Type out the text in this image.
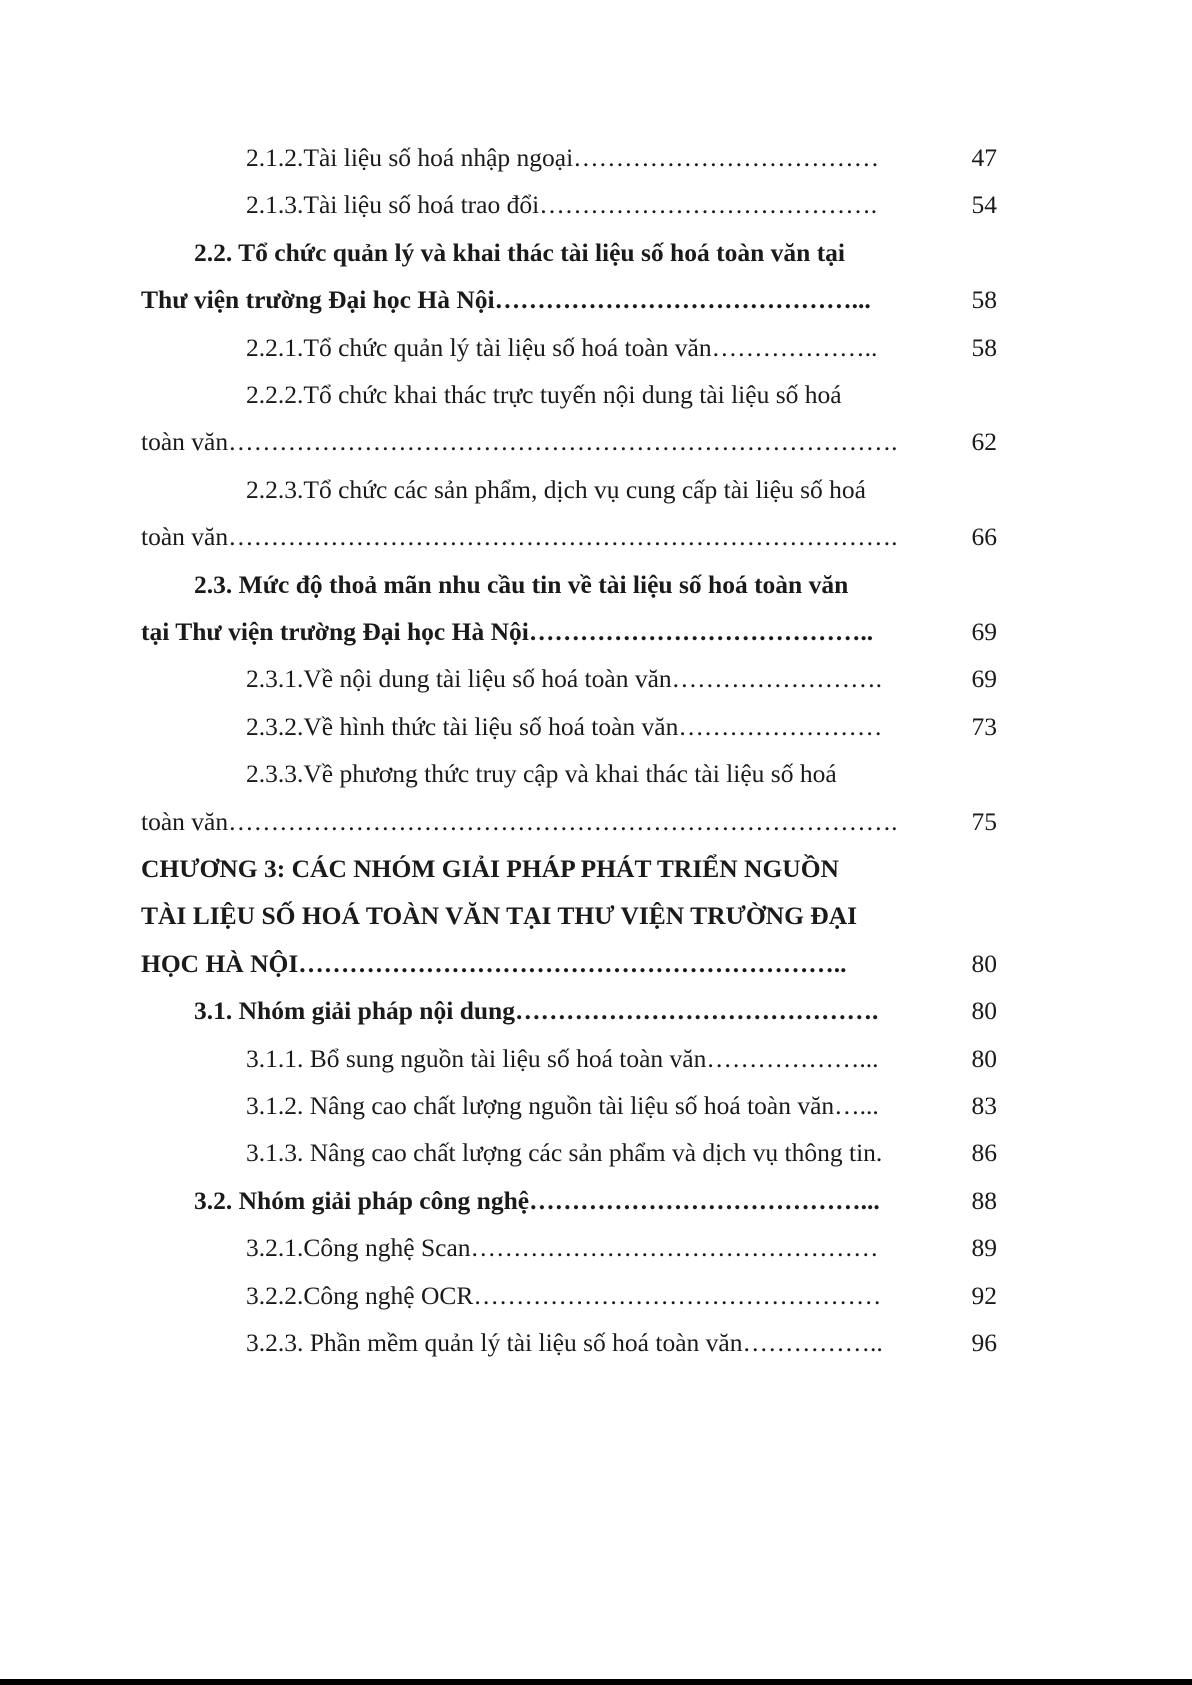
2.1.2.Tài liệu số hoá nhập ngoại………………………………	47
2.1.3.Tài liệu số hoá trao đổi………………………………….	54
2.2. Tổ chức quản lý và khai thác tài liệu số hoá toàn văn tại
Thư viện trường Đại học Hà Nội……………………………………...	58
2.2.1.Tổ chức quản lý tài liệu số hoá toàn văn………………..	58
2.2.2.Tổ chức khai thác trực tuyến nội dung tài liệu số hoá
toàn văn…………………………………………………………………….	62
2.2.3.Tổ chức các sản phẩm, dịch vụ cung cấp tài liệu số hoá
toàn văn…………………………………………………………………….	66
2.3. Mức độ thoả mãn nhu cầu tin về tài liệu số hoá toàn văn
tại Thư viện trường Đại học Hà Nội…………………………………..	69
2.3.1.Về nội dung tài liệu số hoá toàn văn…………………….	69
2.3.2.Về hình thức tài liệu số hoá toàn văn……………………	73
2.3.3.Về phương thức truy cập và khai thác tài liệu số hoá
toàn văn…………………………………………………………………….	75
CHƯƠNG 3: CÁC NHÓM GIẢI PHÁP PHÁT TRIỂN NGUỒN
TÀI LIỆU SỐ HOÁ TOÀN VĂN TẠI THƯ VIỆN TRƯỜNG ĐẠI
HỌC HÀ NỘI………………………………………………………..	80
3.1. Nhóm giải pháp nội dung…………………………………….	80
3.1.1. Bổ sung nguồn tài liệu số hoá toàn văn………………...	80
3.1.2. Nâng cao chất lượng nguồn tài liệu số hoá toàn văn…...	83
3.1.3. Nâng cao chất lượng các sản phẩm và dịch vụ thông tin.	86
3.2. Nhóm giải pháp công nghệ…………………………………...	88
3.2.1.Công nghệ Scan…………………………………………	89
3.2.2.Công nghệ OCR…………………………………………	92
3.2.3. Phần mềm quản lý tài liệu số hoá toàn văn……………..	96
